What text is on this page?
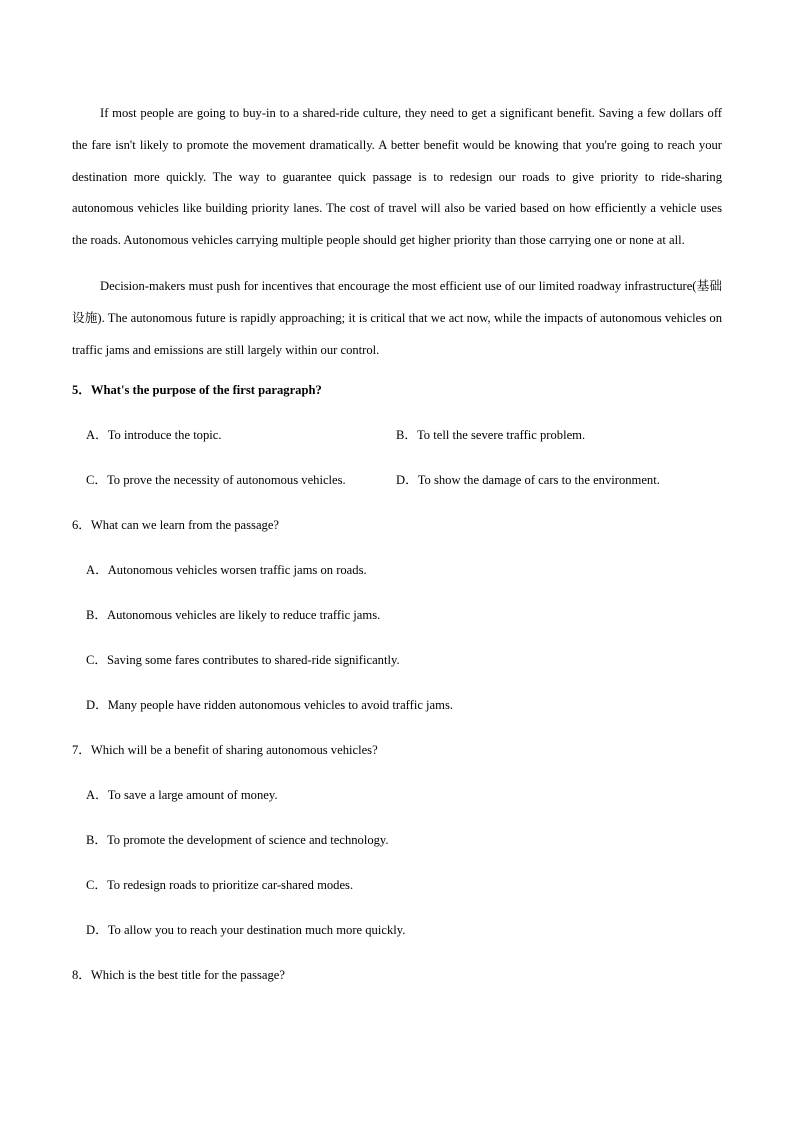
If most people are going to buy-in to a shared-ride culture, they need to get a significant benefit. Saving a few dollars off the fare isn't likely to promote the movement dramatically. A better benefit would be knowing that you're going to reach your destination more quickly. The way to guarantee quick passage is to redesign our roads to give priority to ride-sharing autonomous vehicles like building priority lanes. The cost of travel will also be varied based on how efficiently a vehicle uses the roads. Autonomous vehicles carrying multiple people should get higher priority than those carrying one or none at all.

Decision-makers must push for incentives that encourage the most efficient use of our limited roadway infrastructure(基础设施). The autonomous future is rapidly approaching; it is critical that we act now, while the impacts of autonomous vehicles on traffic jams and emissions are still largely within our control.

5．What's the purpose of the first paragraph?

A．To introduce the topic.	B．To tell the severe traffic problem.
C．To prove the necessity of autonomous vehicles.	D．To show the damage of cars to the environment.

6．What can we learn from the passage?

A．Autonomous vehicles worsen traffic jams on roads.

B．Autonomous vehicles are likely to reduce traffic jams.

C．Saving some fares contributes to shared-ride significantly.

D．Many people have ridden autonomous vehicles to avoid traffic jams.

7．Which will be a benefit of sharing autonomous vehicles?

A．To save a large amount of money.

B．To promote the development of science and technology.

C．To redesign roads to prioritize car-shared modes.

D．To allow you to reach your destination much more quickly.

8．Which is the best title for the passage?
